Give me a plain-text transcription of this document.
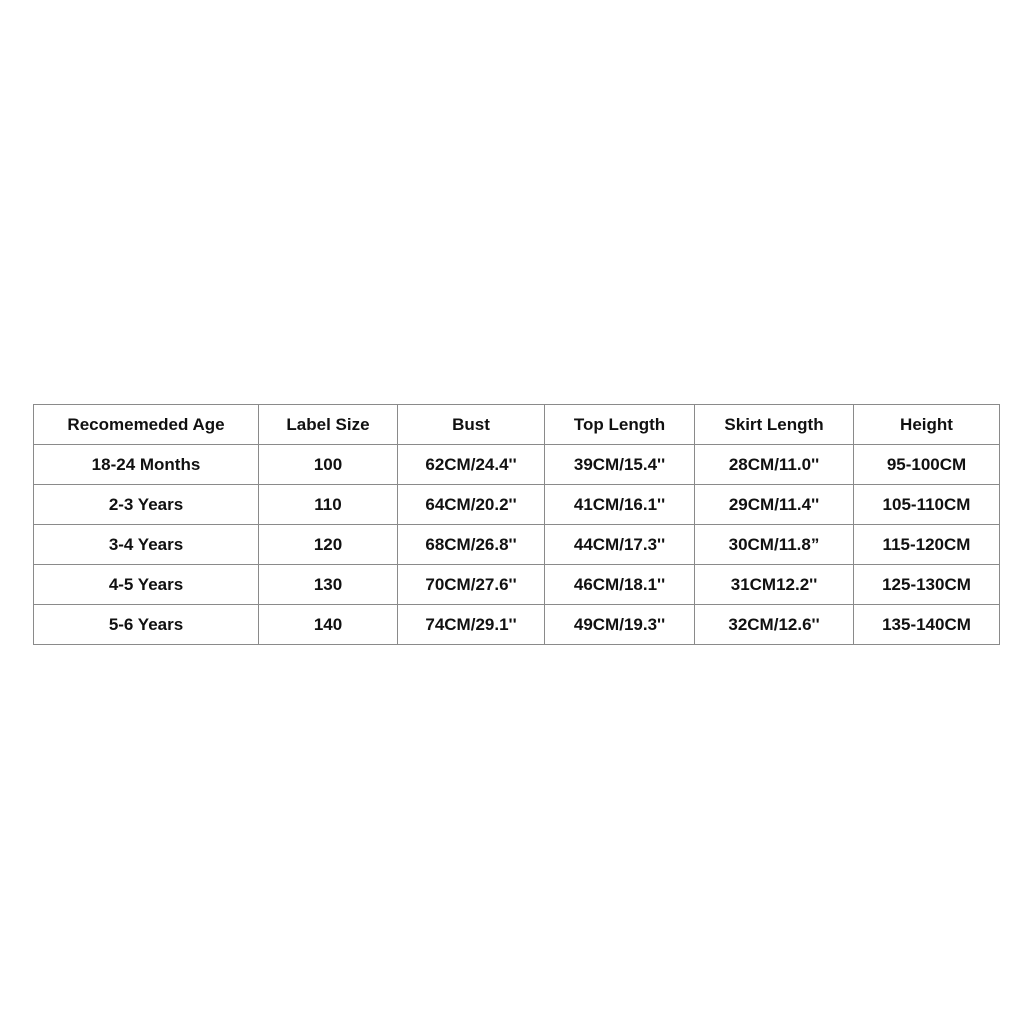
Recomemeded Age	Label Size	Bust	Top Length	Skirt Length	Height
18-24 Months	100	62CM/24.4''	39CM/15.4''	28CM/11.0''	95-100CM
2-3 Years	110	64CM/20.2''	41CM/16.1''	29CM/11.4''	105-110CM
3-4 Years	120	68CM/26.8''	44CM/17.3''	30CM/11.8”	115-120CM
4-5 Years	130	70CM/27.6''	46CM/18.1''	31CM12.2''	125-130CM
5-6 Years	140	74CM/29.1''	49CM/19.3''	32CM/12.6''	135-140CM
